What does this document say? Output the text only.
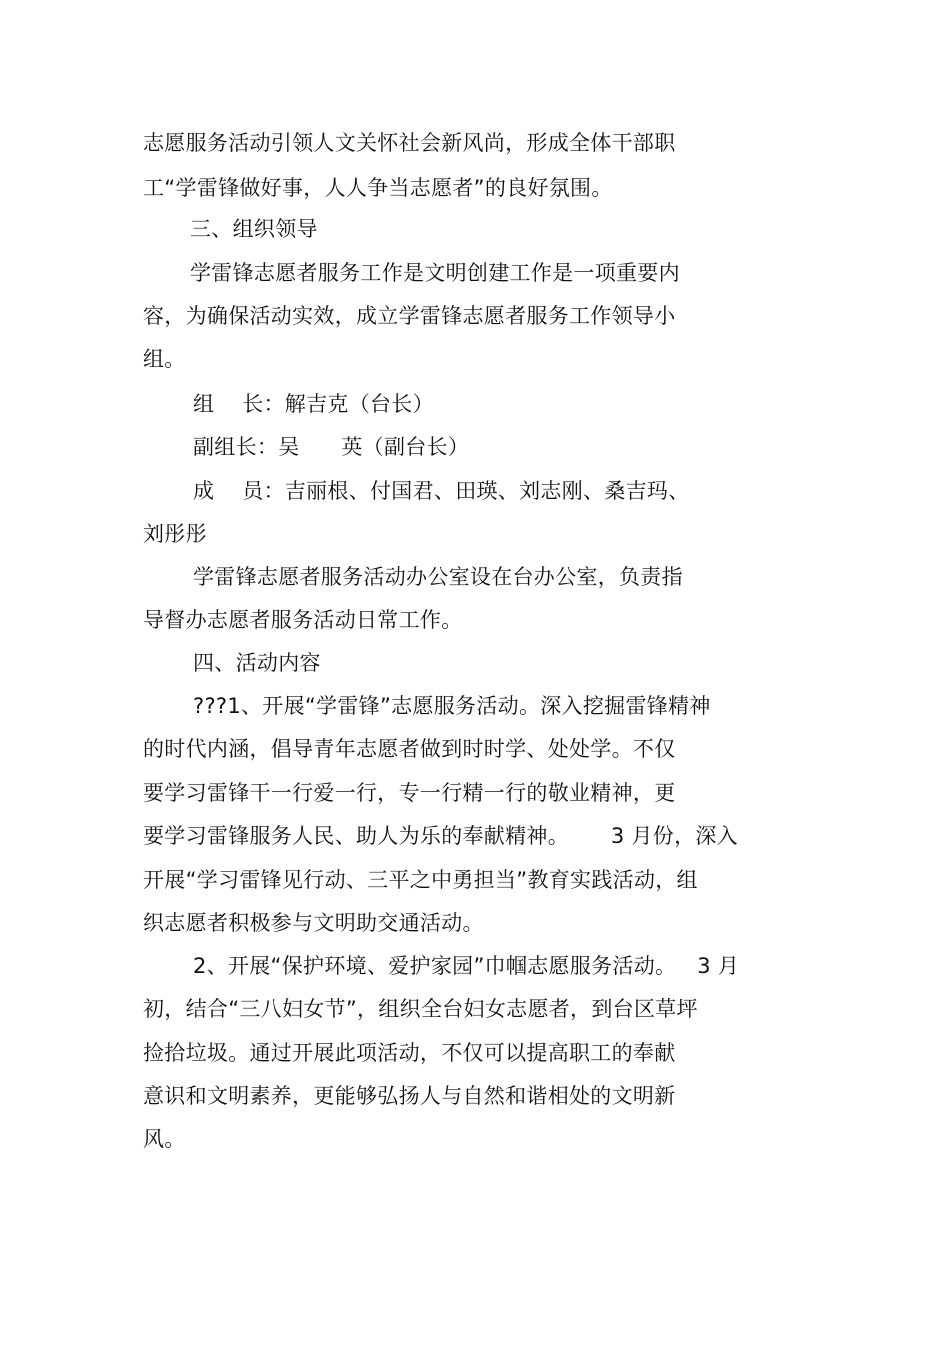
志愿服务活动引领人文关怀社会新风尚，形成全体干部职
工“学雷锋做好事，人人争当志愿者”的良好氛围。
三、组织领导
学雷锋志愿者服务工作是文明创建工作是一项重要内
容，为确保活动实效，成立学雷锋志愿者服务工作领导小
组。
组    长：解吉克（台长）
副组长：吴      英（副台长）
成    员：吉丽根、付国君、田瑛、刘志刚、桑吉玛、
刘彤彤
学雷锋志愿者服务活动办公室设在台办公室，负责指
导督办志愿者服务活动日常工作。
四、活动内容
???1、开展“学雷锋”志愿服务活动。深入挖掘雷锋精神
的时代内涵，倡导青年志愿者做到时时学、处处学。不仅
要学习雷锋干一行爱一行，专一行精一行的敬业精神，更
要学习雷锋服务人民、助人为乐的奉献精神。      3 月份，深入
开展“学习雷锋见行动、三平之中勇担当”教育实践活动，组
织志愿者积极参与文明助交通活动。
2、开展“保护环境、爱护家园”巾帼志愿服务活动。   3 月
初，结合“三八妇女节”，组织全台妇女志愿者，到台区草坪
捡拾垃圾。通过开展此项活动，不仅可以提高职工的奉献
意识和文明素养，更能够弘扬人与自然和谐相处的文明新
风。
